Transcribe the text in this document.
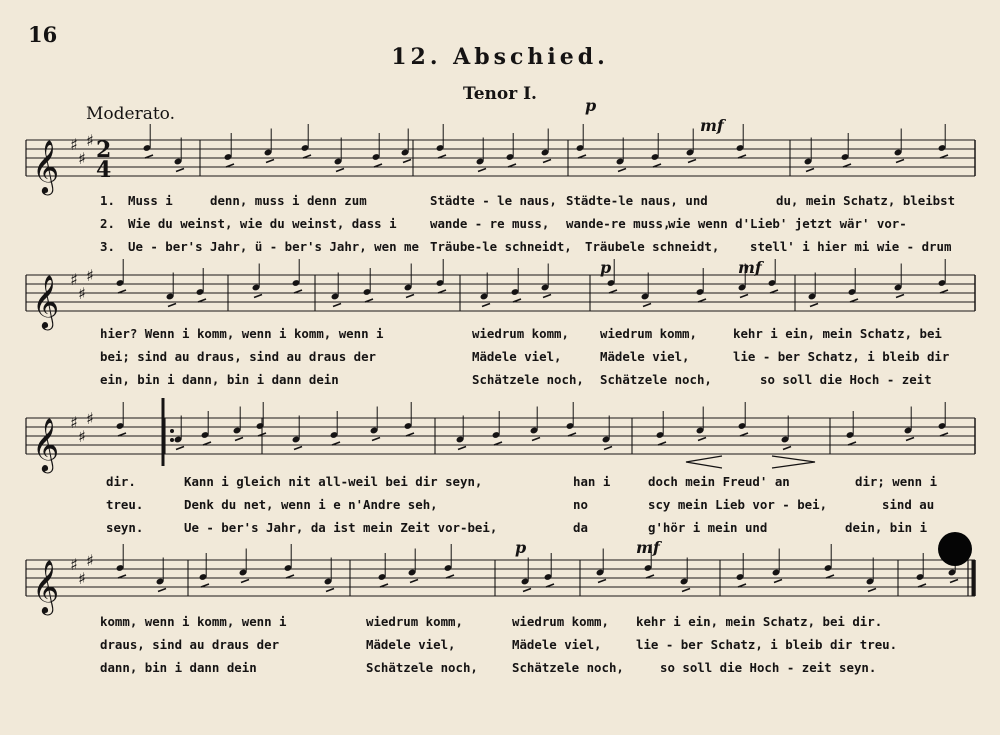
16
12. Abschied.
Tenor I.
Moderato.
𝄞 ♯
♯
♯ 2
4
𝄞 ♯
♯
♯
𝄞 ♯
♯
♯
𝄞 ♯
♯
♯
p
mf
p	mf
p	mf

1.

Muss i

	denn, muss i denn zum

	Städte - le naus,

Städte-le naus, und

	du, mein Schatz, bleibst

2.

Wie du weinst, wie du weinst, dass i

	wande - re muss,

wande-re muss,

wie wenn d'Lieb' jetzt wär' vor-

3.

Ue - ber's Jahr, ü - ber's Jahr, wen me

Träube-le schneidt,

Träubele schneidt,

stell' i hier mi wie - drum

hier? Wenn i komm, wenn i komm, wenn i

	wiedrum komm,

	wiedrum komm,

	kehr i ein, mein Schatz, bei

bei; sind au draus, sind au draus der

	Mädele viel,

	Mädele viel,

	lie - ber Schatz, i bleib dir

ein, bin i dann, bin i dann dein

	Schätzele noch,

Schätzele noch,

	so soll die Hoch - zeit

dir.

	Kann i gleich nit all-weil bei dir seyn,

	han i

	doch mein Freud' an

	dir; wenn i

treu.

	Denk du net, wenn i e n'Andre seh,

	no

	scy mein Lieb vor - bei,

	sind au

seyn.

	Ue - ber's Jahr, da ist mein Zeit vor-bei,

	da

	g'hör i mein und

	dein, bin i

komm, wenn i komm, wenn i

	wiedrum komm,

	wiedrum komm,

kehr i ein, mein Schatz, bei dir.

draus, sind au draus der

	Mädele viel,

	Mädele viel,

	lie - ber Schatz, i bleib dir treu.

dann, bin i dann dein

	Schätzele noch,

	Schätzele noch,

	so soll die Hoch - zeit seyn.
